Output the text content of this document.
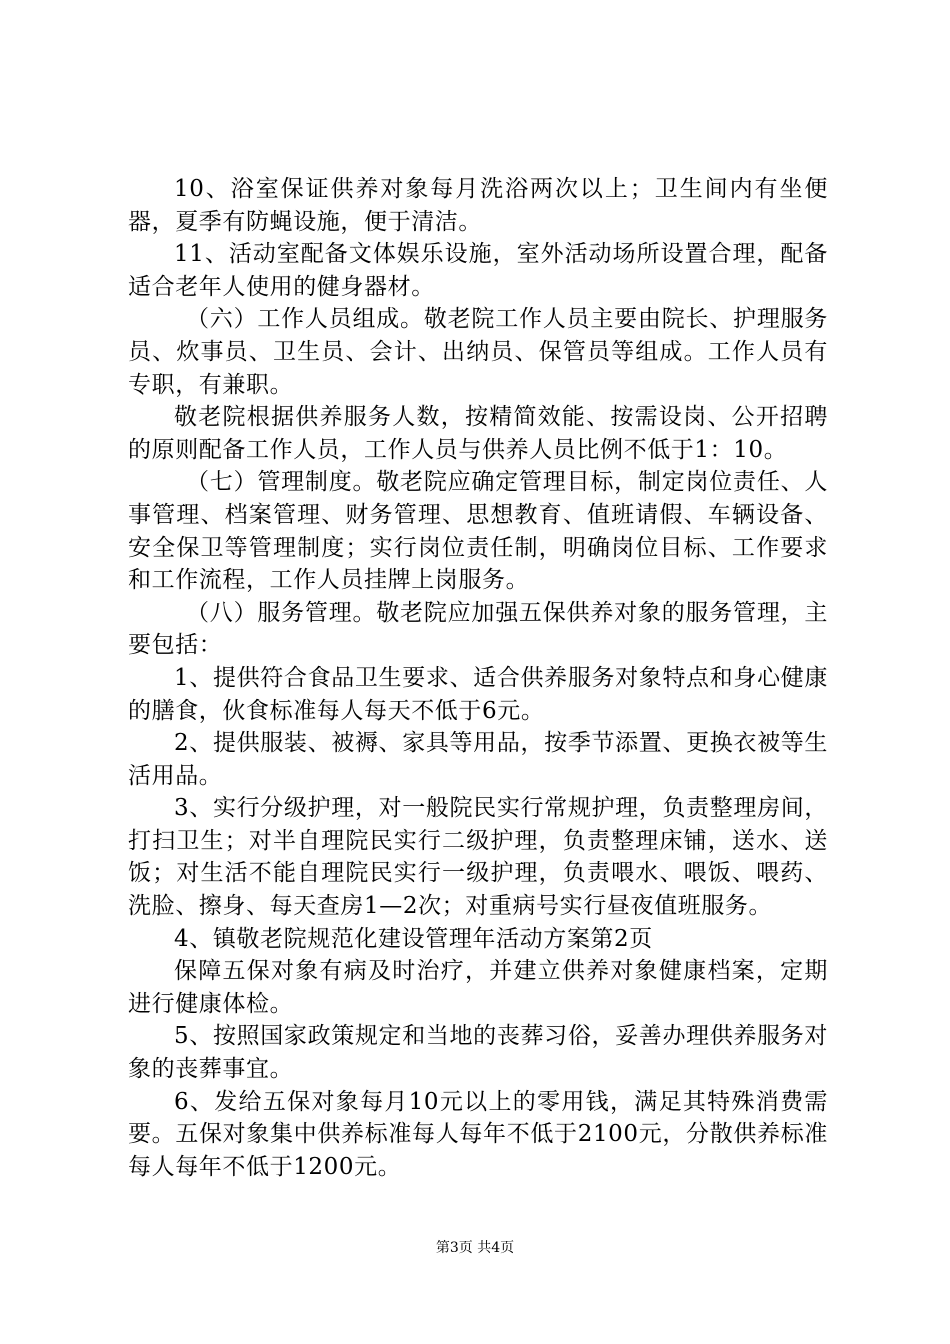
10、浴室保证供养对象每月洗浴两次以上；卫生间内有坐便器，夏季有防蝇设施，便于清洁。

11、活动室配备文体娱乐设施，室外活动场所设置合理，配备适合老年人使用的健身器材。

（六）工作人员组成。敬老院工作人员主要由院长、护理服务员、炊事员、卫生员、会计、出纳员、保管员等组成。工作人员有专职，有兼职。

敬老院根据供养服务人数，按精简效能、按需设岗、公开招聘的原则配备工作人员，工作人员与供养人员比例不低于1：10。

（七）管理制度。敬老院应确定管理目标，制定岗位责任、人事管理、档案管理、财务管理、思想教育、值班请假、车辆设备、安全保卫等管理制度；实行岗位责任制，明确岗位目标、工作要求和工作流程，工作人员挂牌上岗服务。

（八）服务管理。敬老院应加强五保供养对象的服务管理，主要包括：

1、提供符合食品卫生要求、适合供养服务对象特点和身心健康的膳食，伙食标准每人每天不低于6元。

2、提供服装、被褥、家具等用品，按季节添置、更换衣被等生活用品。

3、实行分级护理，对一般院民实行常规护理，负责整理房间，打扫卫生；对半自理院民实行二级护理，负责整理床铺，送水、送饭；对生活不能自理院民实行一级护理，负责喂水、喂饭、喂药、洗脸、擦身、每天查房1—2次；对重病号实行昼夜值班服务。

4、镇敬老院规范化建设管理年活动方案第2页

保障五保对象有病及时治疗，并建立供养对象健康档案，定期进行健康体检。

5、按照国家政策规定和当地的丧葬习俗，妥善办理供养服务对象的丧葬事宜。

6、发给五保对象每月10元以上的零用钱，满足其特殊消费需要。五保对象集中供养标准每人每年不低于2100元，分散供养标准每人每年不低于1200元。

第3页 共4页
